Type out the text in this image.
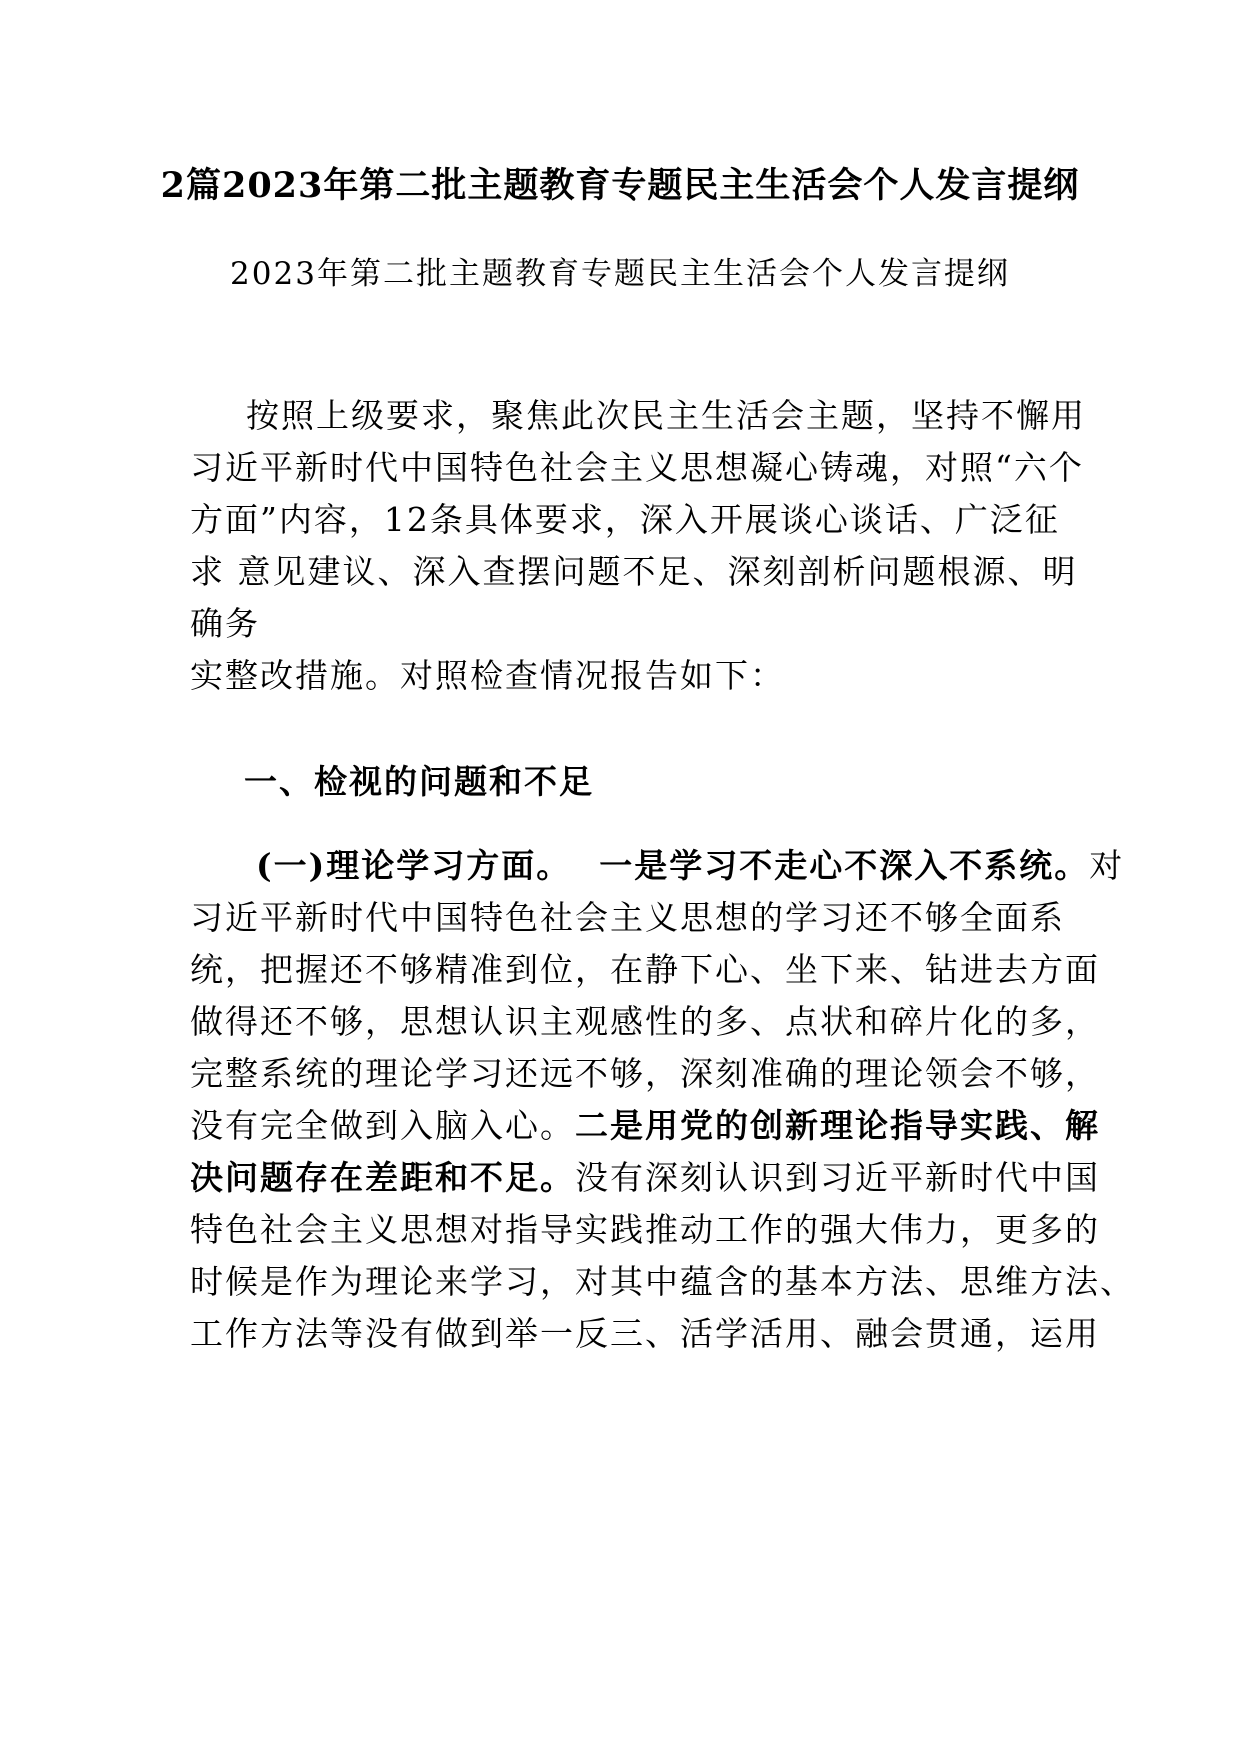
2篇2023年第二批主题教育专题民主生活会个人发言提纲
2023年第二批主题教育专题民主生活会个人发言提纲
按照上级要求，聚焦此次民主生活会主题，坚持不懈用
习近平新时代中国特色社会主义思想凝心铸魂，对照“六个
方面”内容，12条具体要求，深入开展谈心谈话、广泛征
求 意见建议、深入查摆问题不足、深刻剖析问题根源、明
确务
实整改措施。对照检查情况报告如下：
一、检视的问题和不足
(一)理论学习方面。 一是学习不走心不深入不系统。对
习近平新时代中国特色社会主义思想的学习还不够全面系
统，把握还不够精准到位，在静下心、坐下来、钻进去方面
做得还不够，思想认识主观感性的多、点状和碎片化的多，
完整系统的理论学习还远不够，深刻准确的理论领会不够，
没有完全做到入脑入心。二是用党的创新理论指导实践、解
决问题存在差距和不足。没有深刻认识到习近平新时代中国
特色社会主义思想对指导实践推动工作的强大伟力，更多的
时候是作为理论来学习，对其中蕴含的基本方法、思维方法、
工作方法等没有做到举一反三、活学活用、融会贯通，运用
